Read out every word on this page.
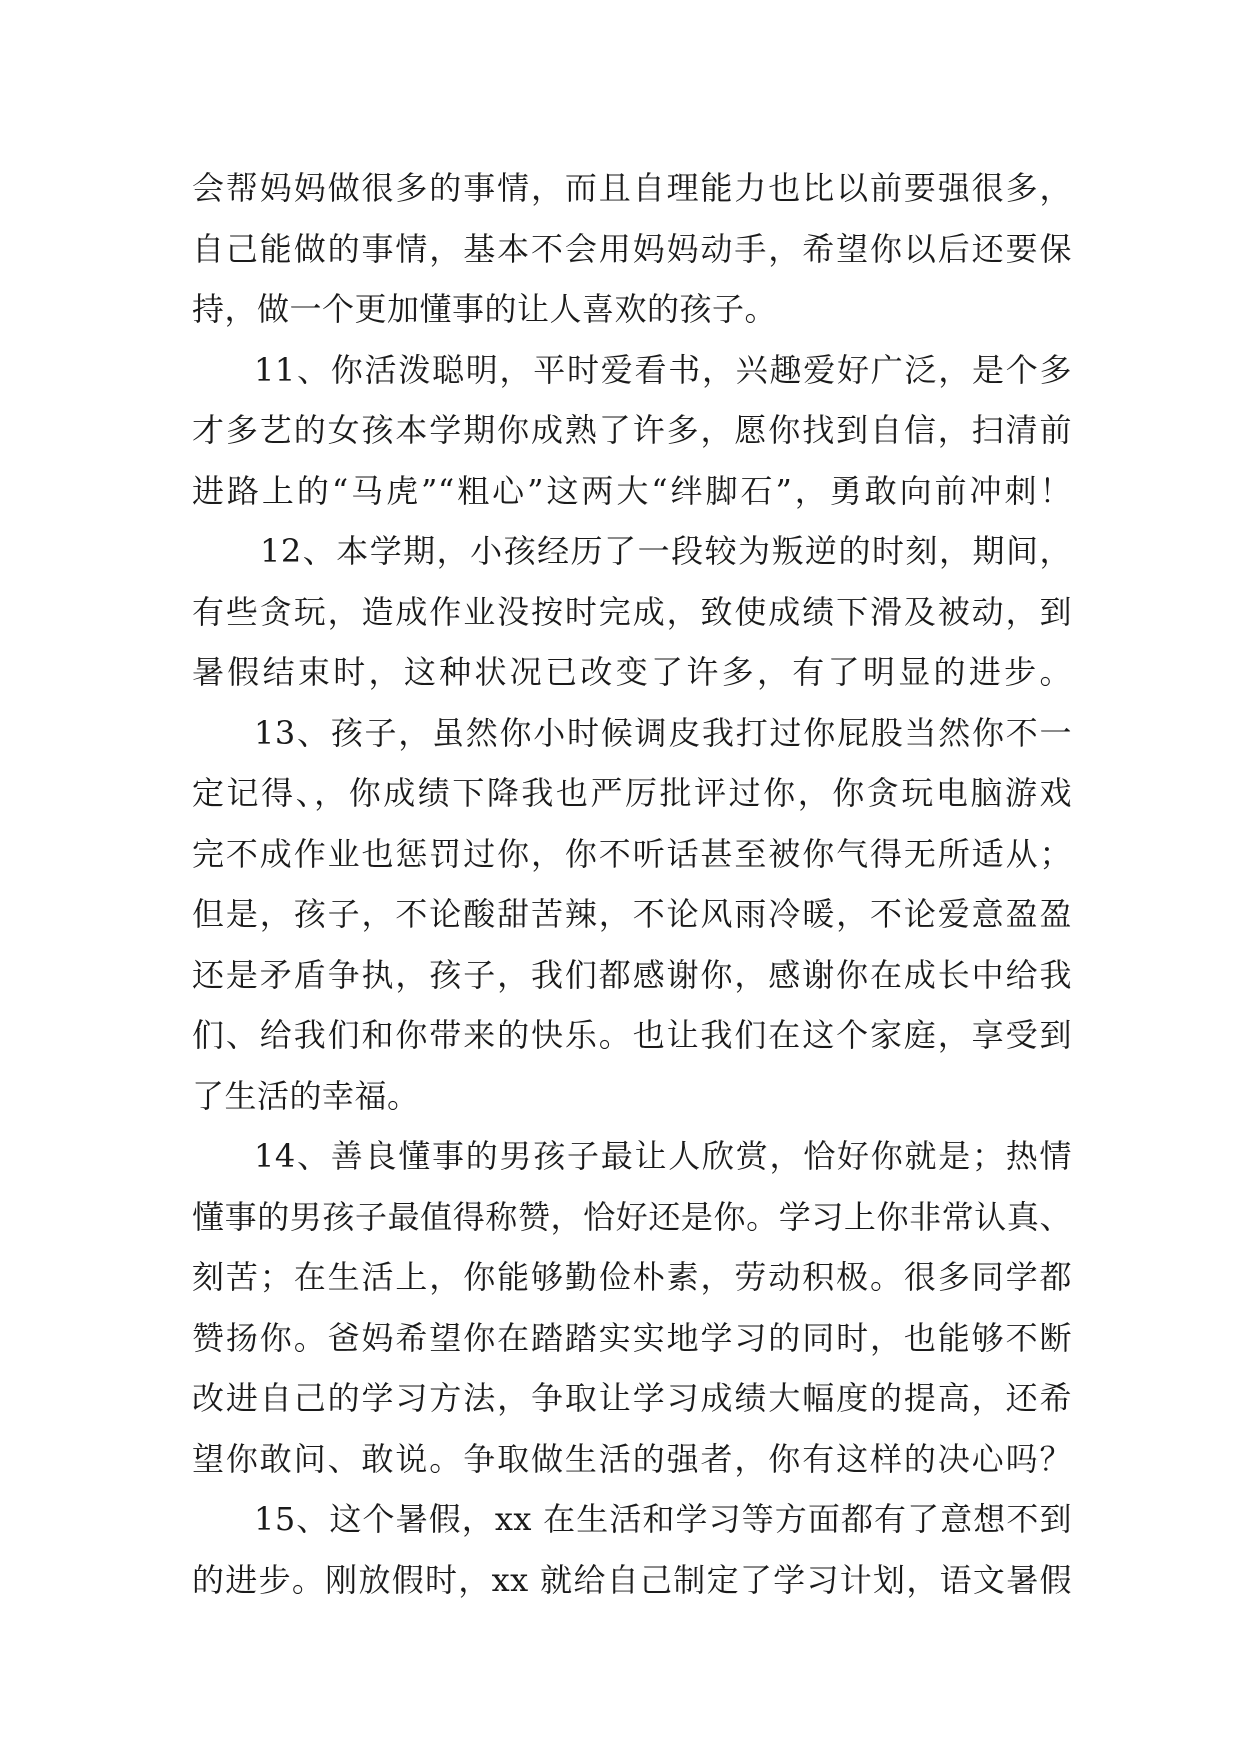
会帮妈妈做很多的事情，而且自理能力也比以前要强很多，
自己能做的事情，基本不会用妈妈动手，希望你以后还要保
持，做一个更加懂事的让人喜欢的孩子。
11、你活泼聪明，平时爱看书，兴趣爱好广泛，是个多
才多艺的女孩本学期你成熟了许多，愿你找到自信，扫清前
进路上的“马虎”“粗心”这两大“绊脚石”，勇敢向前冲刺！
12、本学期，小孩经历了一段较为叛逆的时刻，期间，
有些贪玩，造成作业没按时完成，致使成绩下滑及被动，到
暑假结束时，这种状况已改变了许多，有了明显的进步。
13、孩子，虽然你小时候调皮我打过你屁股当然你不一
定记得、，你成绩下降我也严厉批评过你，你贪玩电脑游戏
完不成作业也惩罚过你，你不听话甚至被你气得无所适从；
但是，孩子，不论酸甜苦辣，不论风雨冷暖，不论爱意盈盈
还是矛盾争执，孩子，我们都感谢你，感谢你在成长中给我
们、给我们和你带来的快乐。也让我们在这个家庭，享受到
了生活的幸福。
14、善良懂事的男孩子最让人欣赏，恰好你就是；热情
懂事的男孩子最值得称赞，恰好还是你。学习上你非常认真、
刻苦；在生活上，你能够勤俭朴素，劳动积极。很多同学都
赞扬你。爸妈希望你在踏踏实实地学习的同时，也能够不断
改进自己的学习方法，争取让学习成绩大幅度的提高，还希
望你敢问、敢说。争取做生活的强者，你有这样的决心吗？
15、这个暑假，xx 在生活和学习等方面都有了意想不到
的进步。刚放假时，xx 就给自己制定了学习计划，语文暑假
